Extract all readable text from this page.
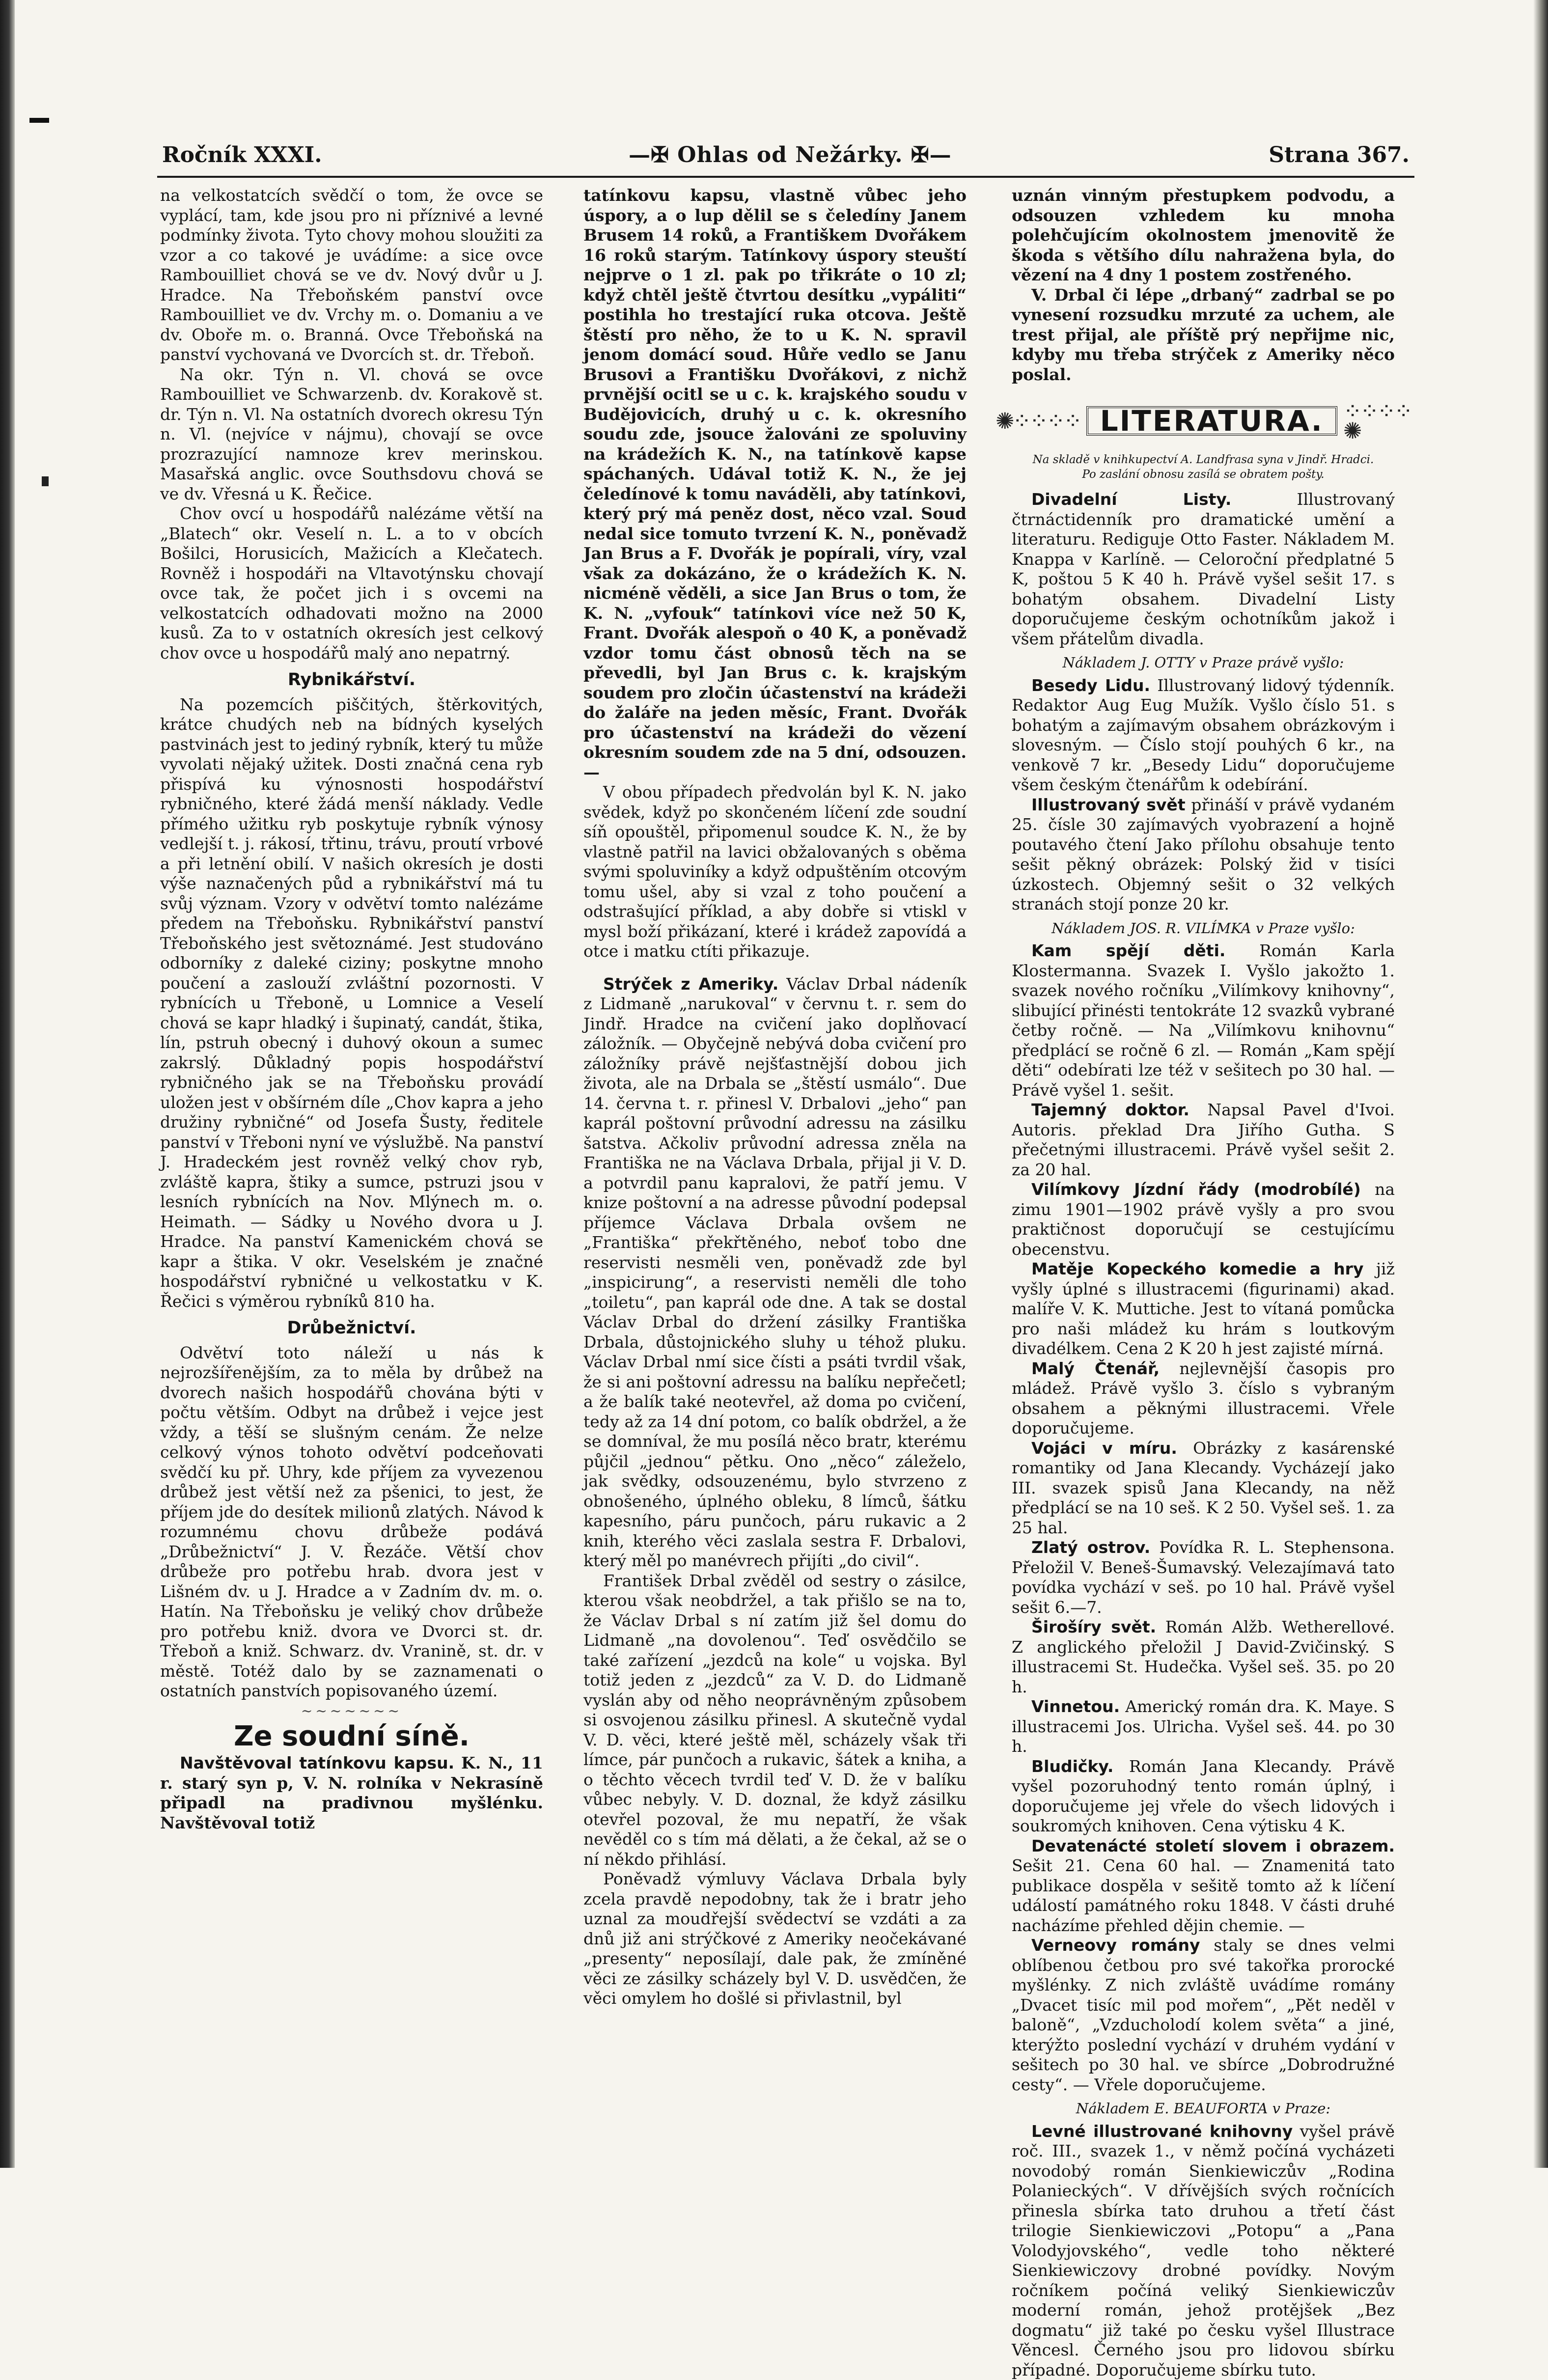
Ročník XXXI.	—✠ Ohlas od Nežárky. ✠—	Strana 367.

na velkostatcích svědčí o tom, že ovce se vyplácí, tam, kde jsou pro ni příznivé a levné podmínky života. Tyto chovy mohou sloužiti za vzor a co takové je uvádíme: a sice ovce Rambouilliet chová se ve dv. Nový dvůr u J. Hradce. Na Třeboňském panství ovce Rambouilliet ve dv. Vrchy m. o. Domaniu a ve dv. Oboře m. o. Branná. Ovce Třeboňská na panství vychovaná ve Dvorcích st. dr. Třeboň.

Na okr. Týn n. Vl. chová se ovce Rambouilliet ve Schwarzenb. dv. Korakově st. dr. Týn n. Vl. Na ostatních dvorech okresu Týn n. Vl. (nejvíce v nájmu), chovají se ovce prozrazující namnoze krev merinskou. Masařská anglic. ovce Southsdovu chová se ve dv. Vřesná u K. Řečice.

Chov ovcí u hospodářů nalézáme větší na „Blatech“ okr. Veselí n. L. a to v obcích Bošilci, Horusicích, Mažicích a Klečatech. Rovněž i hospodáři na Vltavotýnsku chovají ovce tak, že počet jich i s ovcemi na velkostatcích odhadovati možno na 2000 kusů. Za to v ostatních okresích jest celkový chov ovce u hospodářů malý ano nepatrný.

Rybnikářství.

Na pozemcích piščitých, štěrkovitých, krátce chudých neb na bídných kyselých pastvinách jest to jediný rybník, který tu může vyvolati nějaký užitek. Dosti značná cena ryb přispívá ku výnosnosti hospodářství rybničného, které žádá menší náklady. Vedle přímého užitku ryb poskytuje rybník výnosy vedlejší t. j. rákosí, třtinu, trávu, proutí vrbové a při letnění obilí. V našich okresích je dosti výše naznačených půd a rybnikářství má tu svůj význam. Vzory v odvětví tomto nalézáme předem na Třeboňsku. Rybnikářství panství Třeboňského jest světoznámé. Jest studováno odborníky z daleké ciziny; poskytne mnoho poučení a zaslouží zvláštní pozornosti. V rybnících u Třeboně, u Lomnice a Veselí chová se kapr hladký i šupinatý, candát, štika, lín, pstruh obecný i duhový okoun a sumec zakrslý. Důkladný popis hospodářství rybničného jak se na Třeboňsku provádí uložen jest v obšírném díle „Chov kapra a jeho družiny rybničné“ od Josefa Šusty, ředitele panství v Třeboni nyní ve výslužbě. Na panství J. Hradeckém jest rovněž velký chov ryb, zvláště kapra, štiky a sumce, pstruzi jsou v lesních rybnících na Nov. Mlýnech m. o. Heimath. — Sádky u Nového dvora u J. Hradce. Na panství Kamenickém chová se kapr a štika. V okr. Veselském je značné hospodářství rybničné u velkostatku v K. Řečici s výměrou rybníků 810 ha.

Drůbežnictví.

Odvětví toto náleží u nás k nejrozšířenějším, za to měla by drůbež na dvorech našich hospodářů chována býti v počtu větším. Odbyt na drůbež i vejce jest vždy, a těší se slušným cenám. Že nelze celkový výnos tohoto odvětví podceňovati svědčí ku př. Uhry, kde příjem za vyvezenou drůbež jest větší než za pšenici, to jest, že příjem jde do desítek milionů zlatých. Návod k rozumnému chovu drůbeže podává „Drůbežnictví“ J. V. Řezáče. Větší chov drůbeže pro potřebu hrab. dvora jest v Lišném dv. u J. Hradce a v Zadním dv. m. o. Hatín. Na Třeboňsku je veliký chov drůbeže pro potřebu kniž. dvora ve Dvorci st. dr. Třeboň a kniž. Schwarz. dv. Vranině, st. dr. v městě. Totéž dalo by se zaznamenati o ostatních panstvích popisovaného území.

~~~~~~~
Ze soudní síně.

Navštěvoval tatínkovu kapsu. K. N., 11 r. starý syn p, V. N. rolníka v Nekrasíně připadl na pradivnou myšlénku. Navštěvoval totiž

tatínkovu kapsu, vlastně vůbec jeho úspory, a o lup dělil se s čeledíny Janem Brusem 14 roků, a Františkem Dvořákem 16 roků starým. Tatínkovy úspory steuští nejprve o 1 zl. pak po třikráte o 10 zl; když chtěl ještě čtvrtou desítku „vypáliti“ postihla ho trestající ruka otcova. Ještě štěstí pro něho, že to u K. N. spravil jenom domácí soud. Hůře vedlo se Janu Brusovi a Františku Dvořákovi, z nichž prvnější ocitl se u c. k. krajského soudu v Budějovicích, druhý u c. k. okresního soudu zde, jsouce žalováni ze spoluviny na krádežích K. N., na tatínkově kapse spáchaných. Udával totiž K. N., že jej čeledínové k tomu naváděli, aby tatínkovi, který prý má peněz dost, něco vzal. Soud nedal sice tomuto tvrzení K. N., poněvadž Jan Brus a F. Dvořák je popírali, víry, vzal však za dokázáno, že o krádežích K. N. nicméně věděli, a sice Jan Brus o tom, že K. N. „vyfouk“ tatínkovi více než 50 K, Frant. Dvořák alespoň o 40 K, a poněvadž vzdor tomu část obnosů těch na se převedli, byl Jan Brus c. k. krajským soudem pro zločin účastenství na krádeži do žaláře na jeden měsíc, Frant. Dvořák pro účastenství na krádeži do vězení okresním soudem zde na 5 dní, odsouzen. —

V obou případech předvolán byl K. N. jako svědek, když po skončeném líčení zde soudní síň opouštěl, připomenul soudce K. N., že by vlastně patřil na lavici obžalovaných s oběma svými spoluviníky a když odpuštěním otcovým tomu ušel, aby si vzal z toho poučení a odstrašující příklad, a aby dobře si vtiskl v mysl boží přikázaní, které i krádež zapovídá a otce i matku ctíti přikazuje.

Strýček z Ameriky. Václav Drbal nádeník z Lidmaně „narukoval“ v červnu t. r. sem do Jindř. Hradce na cvičení jako doplňovací záložník. — Obyčejně nebývá doba cvičení pro záložníky právě nejšťastnější dobou jich života, ale na Drbala se „štěstí usmálo“. Due 14. června t. r. přinesl V. Drbalovi „jeho“ pan kaprál poštovní průvodní adressu na zásilku šatstva. Ačkoliv průvodní adressa zněla na Františka ne na Václava Drbala, přijal ji V. D. a potvrdil panu kapralovi, že patří jemu. V knize poštovní a na adresse původní podepsal příjemce Václava Drbala ovšem ne „Františka“ překřtěného, neboť tobo dne reservisti nesměli ven, poněvadž zde byl „inspicirung“, a reservisti neměli dle toho „toiletu“, pan kaprál ode dne. A tak se dostal Václav Drbal do držení zásilky Františka Drbala, důstojnického sluhy u téhož pluku. Václav Drbal nmí sice čísti a psáti tvrdil však, že si ani poštovní adressu na balíku nepřečetl; a že balík také neotevřel, až doma po cvičení, tedy až za 14 dní potom, co balík obdržel, a že se domníval, že mu posílá něco bratr, kterému půjčil „jednou“ pětku. Ono „něco“ záleželo, jak svědky, odsouzenému, bylo stvrzeno z obnošeného, úplného obleku, 8 límců, šátku kapesního, páru punčoch, páru rukavic a 2 knih, kterého věci zaslala sestra F. Drbalovi, který měl po manévrech přijíti „do civil“.

František Drbal zvěděl od sestry o zásilce, kterou však neobdržel, a tak přišlo se na to, že Václav Drbal s ní zatím již šel domu do Lidmaně „na dovolenou“. Teď osvědčilo se také zařízení „jezdců na kole“ u vojska. Byl totiž jeden z „jezdců“ za V. D. do Lidmaně vyslán aby od něho neoprávněným způsobem si osvojenou zásilku přinesl. A skutečně vydal V. D. věci, které ještě měl, scházely však tři límce, pár punčoch a rukavic, šátek a kniha, a o těchto věcech tvrdil teď V. D. že v balíku vůbec nebyly. V. D. doznal, že když zásilku otevřel pozoval, že mu nepatří, že však nevěděl co s tím má dělati, a že čekal, až se o ní někdo přihlásí.

Poněvadž výmluvy Václava Drbala byly zcela pravdě nepodobny, tak že i bratr jeho uznal za moudřejší svědectví se vzdáti a za dnů již ani strýčkové z Ameriky neočekávané „presenty“ neposílají, dale pak, že zmíněné věci ze zásilky scházely byl V. D. usvědčen, že věci omylem ho došlé si přivlastnil, byl

uznán vinným přestupkem podvodu, a odsouzen vzhledem ku mnoha polehčujícím okolnostem jmenovitě že škoda s většího dílu nahražena byla, do vězení na 4 dny 1 postem zostřeného.

V. Drbal či lépe „drbaný“ zadrbal se po vynesení rozsudku mrzuté za uchem, ale trest přijal, ale příště prý nepřijme nic, kdyby mu třeba strýček z Ameriky něco poslal.

✺⁘⁘⁘⁘ LITERATURA. ⁘⁘⁘⁘✺
Na skladě v knihkupectví A. Landfrasa syna v Jindř. Hradci.
Po zaslání obnosu zasílá se obratem pošty.

Divadelní Listy.	Illustrovaný čtrnáctidenník pro dramatické umění a literaturu. Rediguje Otto Faster. Nákladem M. Knappa v Karlíně. — Celoroční předplatné 5 K, poštou 5 K 40 h. Právě vyšel sešit 17. s bohatým obsahem. Divadelní Listy doporučujeme českým ochotníkům jakož i všem přátelům divadla.

Nákladem J. OTTY v Praze právě vyšlo:

Besedy Lidu. Illustrovaný lidový týdenník. Redaktor Aug Eug Mužík. Vyšlo číslo 51. s bohatým a zajímavým obsahem obrázkovým i slovesným. — Číslo stojí pouhých 6 kr., na venkově 7 kr. „Besedy Lidu“ doporučujeme všem českým čtenářům k odebírání.

Illustrovaný svět přináší v právě vydaném 25. čísle 30 zajímavých vyobrazení a hojně poutavého čtení Jako přílohu obsahuje tento sešit pěkný obrázek: Polský žid v tisíci úzkostech. Objemný sešit o 32 velkých stranách stojí ponze 20 kr.

Nákladem JOS. R. VILÍMKA v Praze vyšlo:

Kam spějí děti. Román Karla Klostermanna. Svazek I. Vyšlo jakožto 1. svazek nového ročníku „Vilímkovy knihovny“, slibující přinésti tentokráte 12 svazků vybrané četby ročně. — Na „Vilímkovu knihovnu“ předplácí se ročně 6 zl. — Román „Kam spějí děti“ odebírati lze též v sešitech po 30 hal. — Právě vyšel 1. sešit.

Tajemný doktor. Napsal Pavel d'Ivoi. Autoris. překlad Dra Jiřího Gutha. S přečetnými illustracemi. Právě vyšel sešit 2. za 20 hal.

Vilímkovy Jízdní řády (modrobílé) na zimu 1901—1902 právě vyšly a pro svou praktičnost doporučují se cestujícímu obecenstvu.

Matěje Kopeckého komedie a hry již vyšly úplné s illustracemi (figurinami) akad. malíře V. K. Muttiche. Jest to vítaná pomůcka pro naši mládež ku hrám s loutkovým divadélkem. Cena 2 K 20 h jest zajisté mírná.

Malý Čtenář, nejlevnější časopis pro mládež. Právě vyšlo 3. číslo s vybraným obsahem a pěknými illustracemi. Vřele doporučujeme.

Vojáci v míru. Obrázky z kasárenské romantiky od Jana Klecandy. Vycházejí jako III. svazek spisů Jana Klecandy, na něž předplácí se na 10 seš. K 2 50. Vyšel seš. 1. za 25 hal.

Zlatý ostrov. Povídka R. L. Stephensona. Přeložil V. Beneš-Šumavský. Velezajímavá tato povídka vychází v seš. po 10 hal. Právě vyšel sešit 6.—7.

Širošíry svět. Román Alžb. Wetherellové. Z anglického přeložil J David-Zvičinský. S illustracemi St. Hudečka. Vyšel seš. 35. po 20 h.

Vinnetou. Americký román dra. K. Maye. S illustracemi Jos. Ulricha. Vyšel seš. 44. po 30 h.

Bludičky. Román Jana Klecandy. Právě vyšel pozoruhodný tento román úplný, i doporučujeme jej vřele do všech lidových i soukromých knihoven. Cena výtisku 4 K.

Devatenácté století slovem i obrazem. Sešit 21. Cena 60 hal. — Znamenitá tato publikace dospěla v sešitě tomto až k líčení událostí památného roku 1848. V části druhé nacházíme přehled dějin chemie. —

Verneovy romány staly se dnes velmi oblíbenou četbou pro své takořka prorocké myšlénky. Z nich zvláště uvádíme romány „Dvacet tisíc mil pod mořem“, „Pět neděl v baloně“, „Vzducholodí kolem světa“ a jiné, kterýžto poslední vychází v druhém vydání v sešitech po 30 hal. ve sbírce „Dobrodružné cesty“. — Vřele doporučujeme.

Nákladem E. BEAUFORTA v Praze:

Levné illustrované knihovny vyšel právě roč. III., svazek 1., v němž počíná vycházeti novodobý román Sienkiewiczův „Rodina Polanieckých“. V dřívějších svých ročnících přinesla sbírka tato druhou a třetí část trilogie Sienkiewiczovi „Potopu“ a „Pana Volodyjovského“, vedle toho některé Sienkiewiczovy drobné povídky. Novým ročníkem počíná veliký Sienkiewiczův moderní román, jehož protějšek „Bez dogmatu“ již také po česku vyšel Illustrace Věncesl. Černého jsou pro lidovou sbírku případné. Doporučujeme sbírku tuto.
